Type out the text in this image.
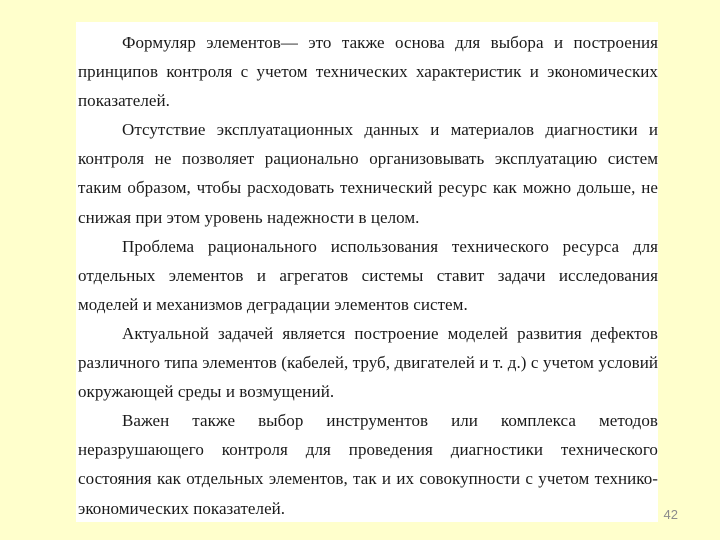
Формуляр элементов— это также основа для выбора и построения принципов контроля с учетом технических характеристик и экономических показателей.

Отсутствие эксплуатационных данных и материалов диагностики и контроля не позволяет рационально организовывать эксплуатацию систем таким образом, чтобы расходовать технический ресурс как можно дольше, не снижая при этом уровень надежности в целом.

Проблема рационального использования технического ресурса для отдельных элементов и агрегатов системы ставит задачи исследования моделей и механизмов деградации элементов систем.

Актуальной задачей является построение моделей развития дефектов различного типа элементов (кабелей, труб, двигателей и т. д.) с учетом условий окружающей среды и возмущений.

Важен также выбор инструментов или комплекса методов неразрушающего контроля для проведения диагностики технического состояния как отдельных элементов, так и их совокупности с учетом технико-экономических показателей.	42
